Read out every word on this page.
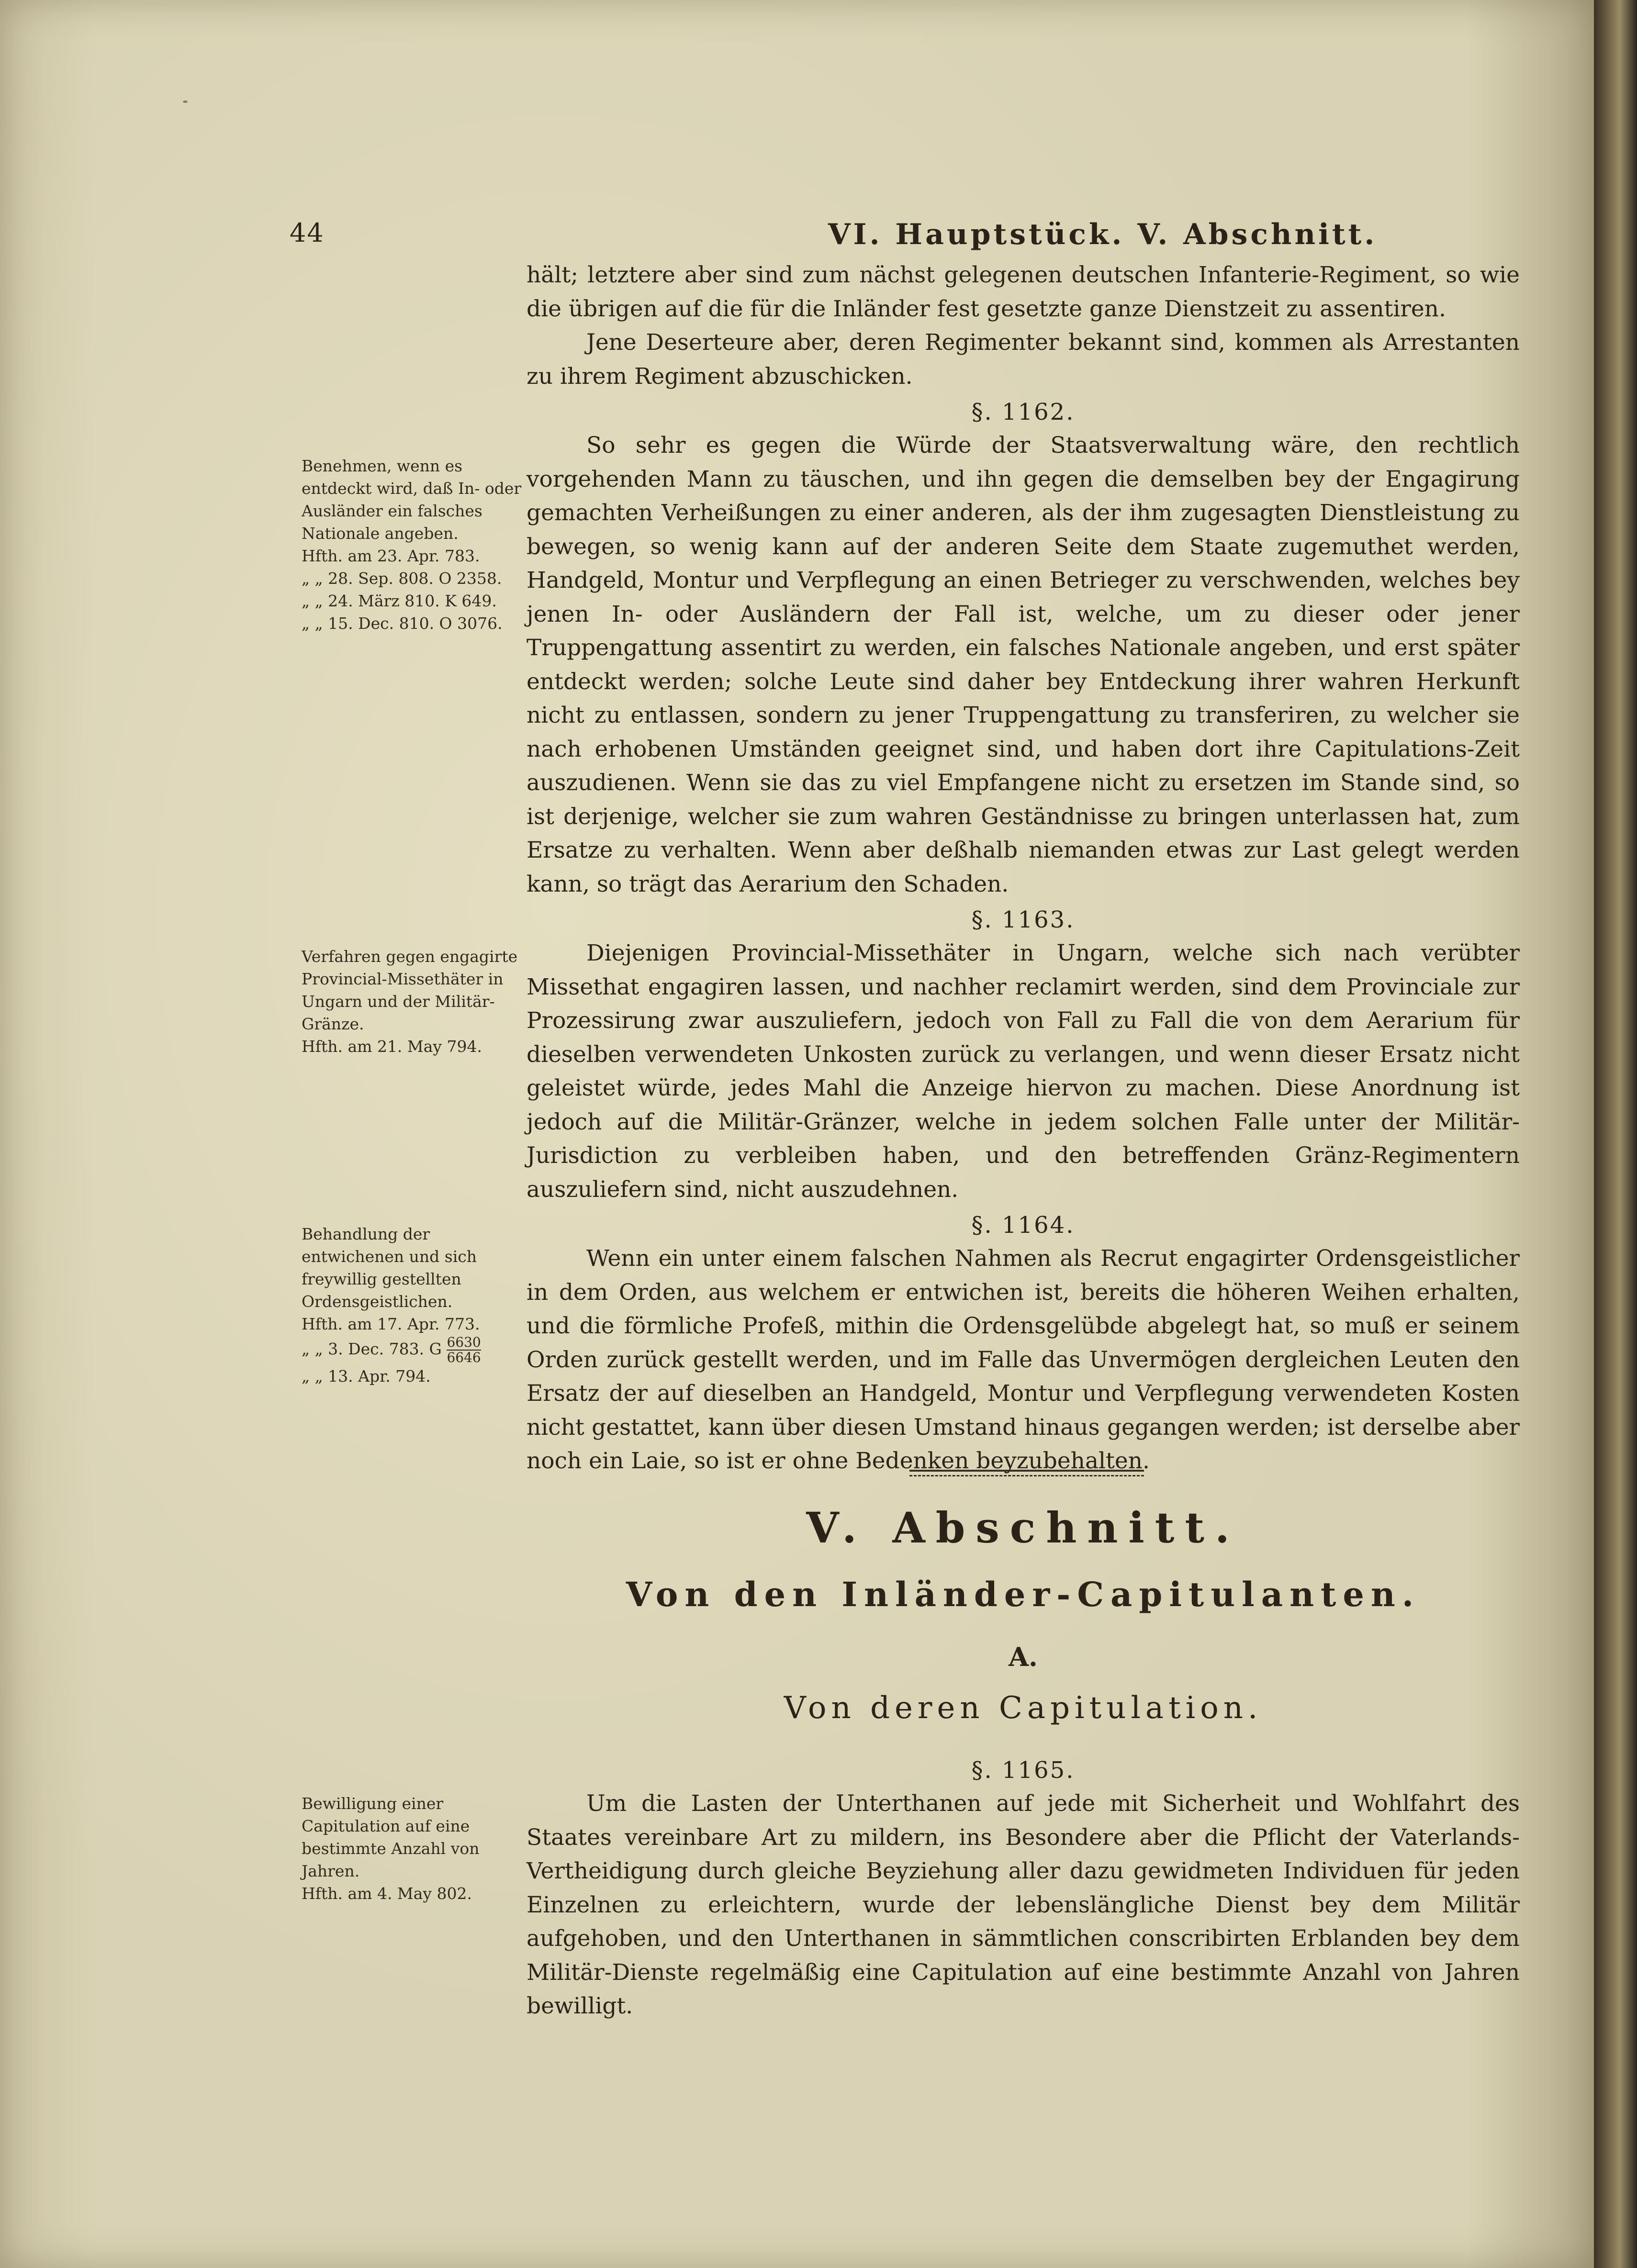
44	VI. Hauptstück. V. Abschnitt.
Benehmen, wenn es entdeckt wird, daß In- oder Ausländer ein falsches Nationale angeben.
Hfth. am 23. Apr. 783.
„ „ 28. Sep. 808. O 2358.
„ „ 24. März 810. K 649.
„ „ 15. Dec. 810. O 3076.
Verfahren gegen engagirte Provincial-Missethäter in Ungarn und der Militär-Gränze.
Hfth. am 21. May 794.
Behandlung der entwichenen und sich freywillig gestellten Ordensgeistlichen.
Hfth. am 17. Apr. 773.
„ „ 3. Dec. 783. G $\frac{6630}{6646}$
„ „ 13. Apr. 794.
Bewilligung einer Capitulation auf eine bestimmte Anzahl von Jahren.
Hfth. am 4. May 802.

hält; letztere aber sind zum nächst gelegenen deutschen Infanterie-Regiment, so wie die übrigen auf die für die Inländer fest gesetzte ganze Dienstzeit zu assentiren.

Jene Deserteure aber, deren Regimenter bekannt sind, kommen als Arrestanten zu ihrem Regiment abzuschicken.

§. 1162.

So sehr es gegen die Würde der Staatsverwaltung wäre, den rechtlich vorgehenden Mann zu täuschen, und ihn gegen die demselben bey der Engagirung gemachten Verheißungen zu einer anderen, als der ihm zugesagten Dienstleistung zu bewegen, so wenig kann auf der anderen Seite dem Staate zugemuthet werden, Handgeld, Montur und Verpflegung an einen Betrieger zu verschwenden, welches bey jenen In- oder Ausländern der Fall ist, welche, um zu dieser oder jener Truppengattung assentirt zu werden, ein falsches Nationale angeben, und erst später entdeckt werden; solche Leute sind daher bey Entdeckung ihrer wahren Herkunft nicht zu entlassen, sondern zu jener Truppengattung zu transferiren, zu welcher sie nach erhobenen Umständen geeignet sind, und haben dort ihre Capitulations-Zeit auszudienen. Wenn sie das zu viel Empfangene nicht zu ersetzen im Stande sind, so ist derjenige, welcher sie zum wahren Geständnisse zu bringen unterlassen hat, zum Ersatze zu verhalten. Wenn aber deßhalb niemanden etwas zur Last gelegt werden kann, so trägt das Aerarium den Schaden.

§. 1163.

Diejenigen Provincial-Missethäter in Ungarn, welche sich nach verübter Missethat engagiren lassen, und nachher reclamirt werden, sind dem Provinciale zur Prozessirung zwar auszuliefern, jedoch von Fall zu Fall die von dem Aerarium für dieselben verwendeten Unkosten zurück zu verlangen, und wenn dieser Ersatz nicht geleistet würde, jedes Mahl die Anzeige hiervon zu machen. Diese Anordnung ist jedoch auf die Militär-Gränzer, welche in jedem solchen Falle unter der Militär-Jurisdiction zu verbleiben haben, und den betreffenden Gränz-Regimentern auszuliefern sind, nicht auszudehnen.

§. 1164.

Wenn ein unter einem falschen Nahmen als Recrut engagirter Ordensgeistlicher in dem Orden, aus welchem er entwichen ist, bereits die höheren Weihen erhalten, und die förmliche Profeß, mithin die Ordensgelübde abgelegt hat, so muß er seinem Orden zurück gestellt werden, und im Falle das Unvermögen dergleichen Leuten den Ersatz der auf dieselben an Handgeld, Montur und Verpflegung verwendeten Kosten nicht gestattet, kann über diesen Umstand hinaus gegangen werden; ist derselbe aber noch ein Laie, so ist er ohne Bedenken beyzubehalten.

V. Abschnitt.
Von den Inländer-Capitulanten.
A.
Von deren Capitulation.
§. 1165.

Um die Lasten der Unterthanen auf jede mit Sicherheit und Wohlfahrt des Staates vereinbare Art zu mildern, ins Besondere aber die Pflicht der Vaterlands-Vertheidigung durch gleiche Beyziehung aller dazu gewidmeten Individuen für jeden Einzelnen zu erleichtern, wurde der lebenslängliche Dienst bey dem Militär aufgehoben, und den Unterthanen in sämmtlichen conscribirten Erblanden bey dem Militär-Dienste regelmäßig eine Capitulation auf eine bestimmte Anzahl von Jahren bewilligt.
